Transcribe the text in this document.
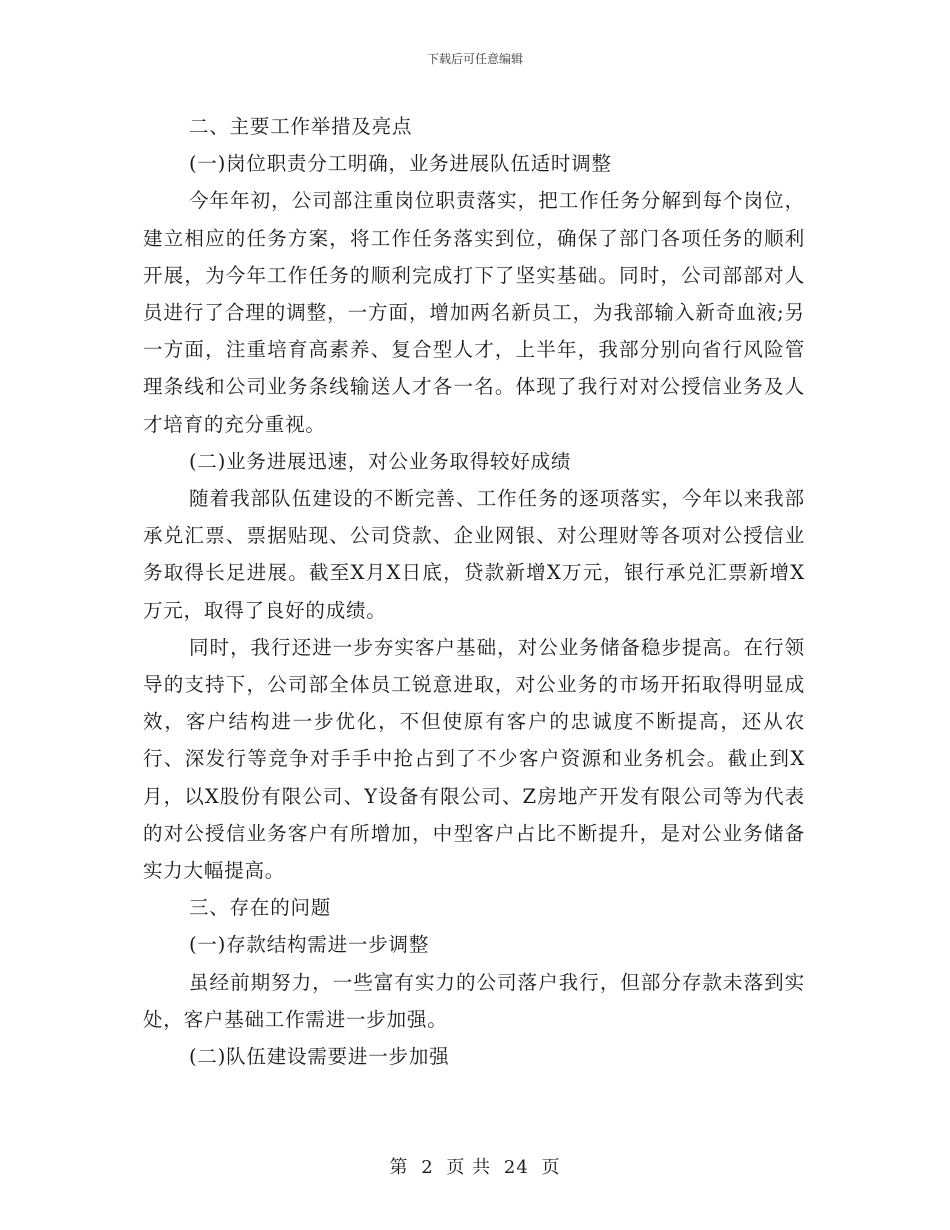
下载后可任意编辑

二、主要工作举措及亮点

(一)岗位职责分工明确，业务进展队伍适时调整

今年年初，公司部注重岗位职责落实，把工作任务分解到每个岗位，建立相应的任务方案，将工作任务落实到位，确保了部门各项任务的顺利开展，为今年工作任务的顺利完成打下了坚实基础。同时，公司部部对人员进行了合理的调整，一方面，增加两名新员工，为我部输入新奇血液;另一方面，注重培育高素养、复合型人才，上半年，我部分别向省行风险管理条线和公司业务条线输送人才各一名。体现了我行对对公授信业务及人才培育的充分重视。

(二)业务进展迅速，对公业务取得较好成绩

随着我部队伍建设的不断完善、工作任务的逐项落实，今年以来我部承兑汇票、票据贴现、公司贷款、企业网银、对公理财等各项对公授信业务取得长足进展。截至X月X日底，贷款新增X万元，银行承兑汇票新增X万元，取得了良好的成绩。

同时，我行还进一步夯实客户基础，对公业务储备稳步提高。在行领导的支持下，公司部全体员工锐意进取，对公业务的市场开拓取得明显成效，客户结构进一步优化，不但使原有客户的忠诚度不断提高，还从农行、深发行等竞争对手手中抢占到了不少客户资源和业务机会。截止到X月，以X股份有限公司、Y设备有限公司、Z房地产开发有限公司等为代表的对公授信业务客户有所增加，中型客户占比不断提升，是对公业务储备实力大幅提高。

三、存在的问题

(一)存款结构需进一步调整

虽经前期努力，一些富有实力的公司落户我行，但部分存款未落到实处，客户基础工作需进一步加强。

(二)队伍建设需要进一步加强

第 2 页 共 24 页
